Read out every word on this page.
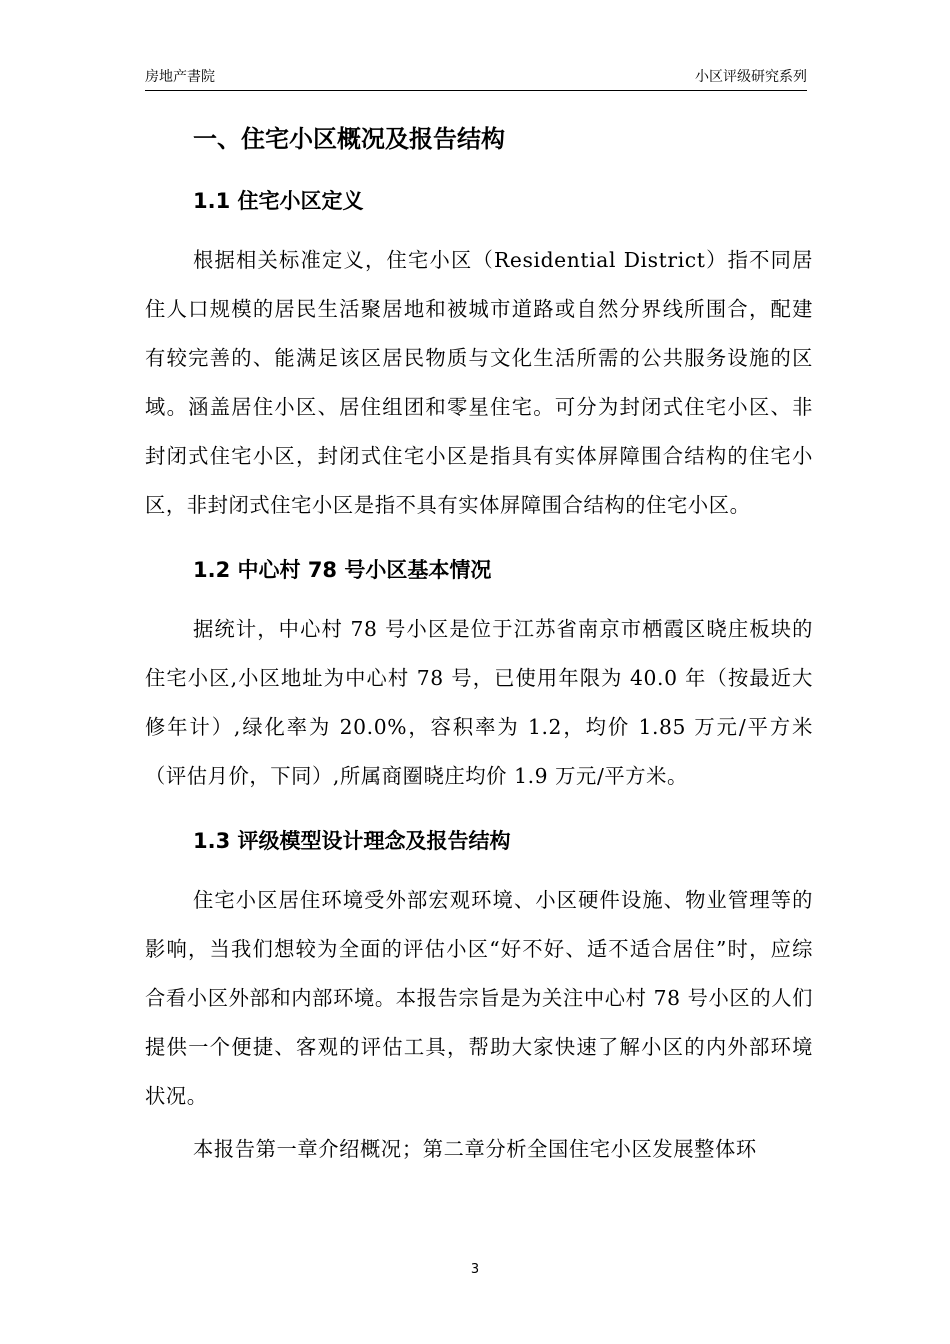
房地产書院	小区评级研究系列
一、住宅小区概况及报告结构
1.1 住宅小区定义

根据相关标准定义，住宅小区（Residential District）指不同居住人口规模的居民生活聚居地和被城市道路或自然分界线所围合，配建有较完善的、能满足该区居民物质与文化生活所需的公共服务设施的区域。涵盖居住小区、居住组团和零星住宅。可分为封闭式住宅小区、非封闭式住宅小区，封闭式住宅小区是指具有实体屏障围合结构的住宅小区，非封闭式住宅小区是指不具有实体屏障围合结构的住宅小区。

1.2 中心村 78 号小区基本情况

据统计，中心村 78 号小区是位于江苏省南京市栖霞区晓庄板块的住宅小区,小区地址为中心村 78 号，已使用年限为 40.0 年（按最近大修年计）,绿化率为 20.0%，容积率为 1.2，均价 1.85 万元/平方米（评估月价，下同）,所属商圈晓庄均价 1.9 万元/平方米。

1.3 评级模型设计理念及报告结构

住宅小区居住环境受外部宏观环境、小区硬件设施、物业管理等的影响，当我们想较为全面的评估小区“好不好、适不适合居住”时，应综合看小区外部和内部环境。本报告宗旨是为关注中心村 78 号小区的人们提供一个便捷、客观的评估工具，帮助大家快速了解小区的内外部环境状况。

本报告第一章介绍概况；第二章分析全国住宅小区发展整体环

3
